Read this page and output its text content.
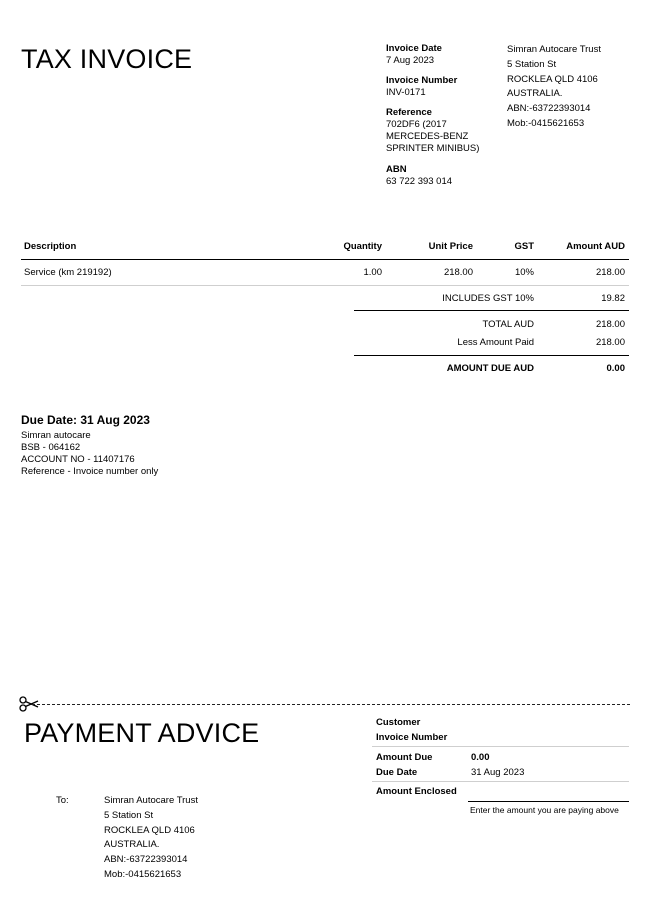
TAX INVOICE	Invoice Date
7 Aug 2023
Invoice Number
INV-0171
Reference
702DF6 (2017
MERCEDES-BENZ
SPRINTER MINIBUS)
ABN
63 722 393 014
Simran Autocare Trust
5 Station St
ROCKLEA QLD 4106
AUSTRALIA.
ABN:-63722393014
Mob:-0415621653
Description	Quantity	Unit Price	GST	Amount AUD
Service (km 219192)	1.00	218.00	10%	218.00
INCLUDES GST 10%	19.82
TOTAL AUD	218.00
Less Amount Paid	218.00
AMOUNT DUE AUD	0.00
Due Date: 31 Aug 2023
Simran autocare
BSB - 064162
ACCOUNT NO - 11407176
Reference - Invoice number only
PAYMENT ADVICE
To:	Simran Autocare Trust
5 Station St
ROCKLEA QLD 4106
AUSTRALIA.
ABN:-63722393014
Mob:-0415621653
Customer
Invoice Number
Amount Due	0.00
Due Date	31 Aug 2023
Amount Enclosed
Enter the amount you are paying above
